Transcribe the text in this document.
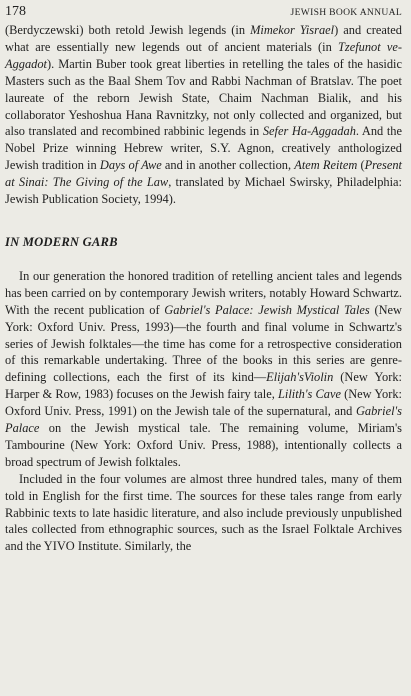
178	JEWISH BOOK ANNUAL

(Berdyczewski) both retold Jewish legends (in Mimekor Yisrael) and created what are essentially new legends out of ancient materials (in Tzefunot ve-Aggadot). Martin Buber took great liberties in retelling the tales of the hasidic Masters such as the Baal Shem Tov and Rabbi Nachman of Bratslav. The poet laureate of the reborn Jewish State, Chaim Nachman Bialik, and his collaborator Yeshoshua Hana Ravnitzky, not only collected and organized, but also translated and recombined rabbinic legends in Sefer Ha-Aggadah. And the Nobel Prize winning Hebrew writer, S.Y. Agnon, creatively anthologized Jewish tradition in Days of Awe and in another collection, Atem Reitem (Present at Sinai: The Giving of the Law, translated by Michael Swirsky, Philadelphia: Jewish Publication Society, 1994).

IN MODERN GARB

In our generation the honored tradition of retelling ancient tales and legends has been carried on by contemporary Jewish writers, notably Howard Schwartz. With the recent publication of Gabriel's Palace: Jewish Mystical Tales (New York: Oxford Univ. Press, 1993)—the fourth and final volume in Schwartz's series of Jewish folktales—the time has come for a retrospective consideration of this remarkable undertaking. Three of the books in this series are genre-defining collections, each the first of its kind—Elijah'sViolin (New York: Harper & Row, 1983) focuses on the Jewish fairy tale, Lilith's Cave (New York: Oxford Univ. Press, 1991) on the Jewish tale of the supernatural, and Gabriel's Palace on the Jewish mystical tale. The remaining volume, Miriam's Tambourine (New York: Oxford Univ. Press, 1988), intentionally collects a broad spectrum of Jewish folktales.

Included in the four volumes are almost three hundred tales, many of them told in English for the first time. The sources for these tales range from early Rabbinic texts to late hasidic literature, and also include previously unpublished tales collected from ethnographic sources, such as the Israel Folktale Archives and the YIVO Institute. Similarly, the
